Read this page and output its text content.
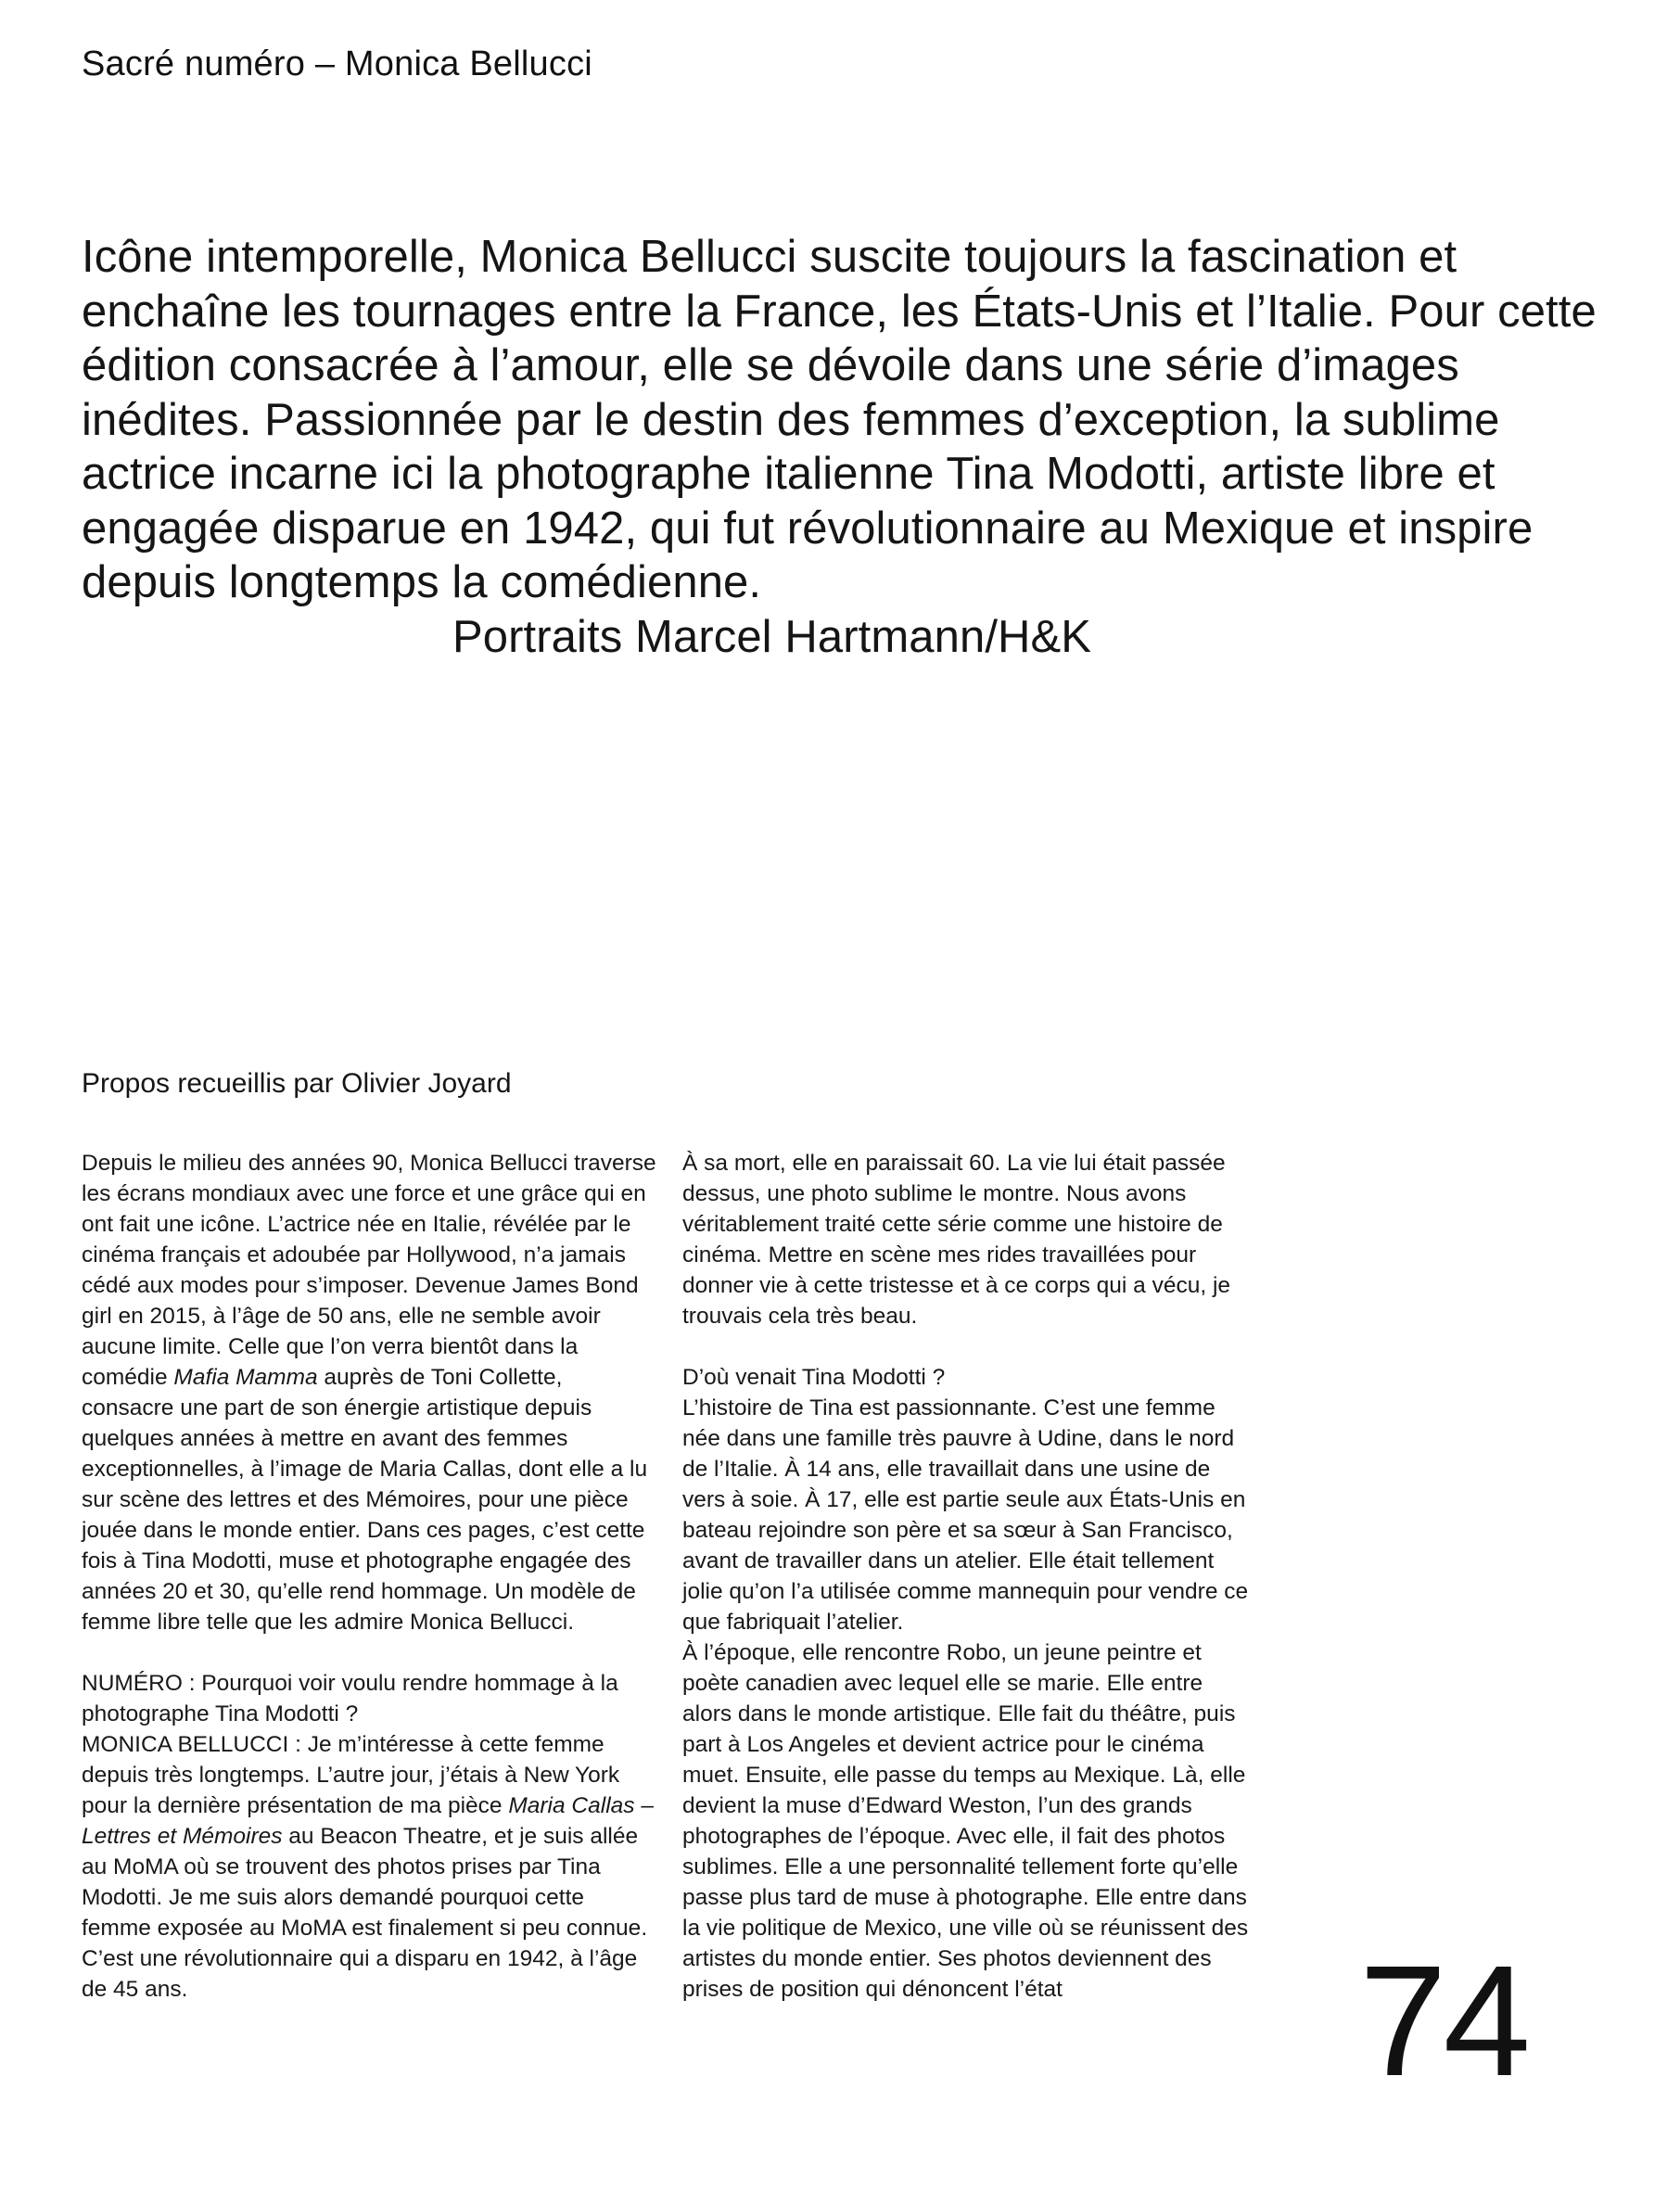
Sacré numéro – Monica Bellucci
Icône intemporelle, Monica Bellucci suscite toujours la fascination et enchaîne les tournages entre la France, les États-Unis et l’Italie. Pour cette édition consacrée à l’amour, elle se dévoile dans une série d’images inédites. Passionnée par le destin des femmes d’exception, la sublime actrice incarne ici la photographe italienne Tina Modotti, artiste libre et engagée disparue en 1942, qui fut révolutionnaire au Mexique et inspire depuis longtemps la comédienne.
Portraits Marcel Hartmann/H&K
Propos recueillis par Olivier Joyard

Depuis le milieu des années 90, Monica Bellucci traverse les écrans mondiaux avec une force et une grâce qui en ont fait une icône. L’actrice née en Italie, révélée par le cinéma français et adoubée par Hollywood, n’a jamais cédé aux modes pour s’imposer. Devenue James Bond girl en 2015, à l’âge de 50 ans, elle ne semble avoir aucune limite. Celle que l’on verra bientôt dans la comédie Mafia Mamma auprès de Toni Collette, consacre une part de son énergie artistique depuis quelques années à mettre en avant des femmes exceptionnelles, à l’image de Maria Callas, dont elle a lu sur scène des lettres et des Mémoires, pour une pièce jouée dans le monde entier. Dans ces pages, c’est cette fois à Tina Modotti, muse et photographe engagée des années 20 et 30, qu’elle rend hommage. Un modèle de femme libre telle que les admire Monica Bellucci.

NUMÉRO : Pourquoi voir voulu rendre hommage à la photographe Tina Modotti ?

MONICA BELLUCCI : Je m’intéresse à cette femme depuis très longtemps. L’autre jour, j’étais à New York pour la dernière présentation de ma pièce Maria Callas – Lettres et Mémoires au Beacon Theatre, et je suis allée au MoMA où se trouvent des photos prises par Tina Modotti. Je me suis alors demandé pourquoi cette femme exposée au MoMA est finalement si peu connue. C’est une révolutionnaire qui a disparu en 1942, à l’âge de 45 ans.

À sa mort, elle en paraissait 60. La vie lui était passée dessus, une photo sublime le montre. Nous avons véritablement traité cette série comme une histoire de cinéma. Mettre en scène mes rides travaillées pour donner vie à cette tristesse et à ce corps qui a vécu, je trouvais cela très beau.

D’où venait Tina Modotti ?

L’histoire de Tina est passionnante. C’est une femme née dans une famille très pauvre à Udine, dans le nord de l’Italie. À 14 ans, elle travaillait dans une usine de vers à soie. À 17, elle est partie seule aux États-Unis en bateau rejoindre son père et sa sœur à San Francisco, avant de travailler dans un atelier. Elle était tellement jolie qu’on l’a utilisée comme mannequin pour vendre ce que fabriquait l’atelier.

À l’époque, elle rencontre Robo, un jeune peintre et poète canadien avec lequel elle se marie. Elle entre alors dans le monde artistique. Elle fait du théâtre, puis part à Los Angeles et devient actrice pour le cinéma muet. Ensuite, elle passe du temps au Mexique. Là, elle devient la muse d’Edward Weston, l’un des grands photographes de l’époque. Avec elle, il fait des photos sublimes. Elle a une personnalité tellement forte qu’elle passe plus tard de muse à photographe. Elle entre dans la vie politique de Mexico, une ville où se réunissent des artistes du monde entier. Ses photos deviennent des prises de position qui dénoncent l’état	74
